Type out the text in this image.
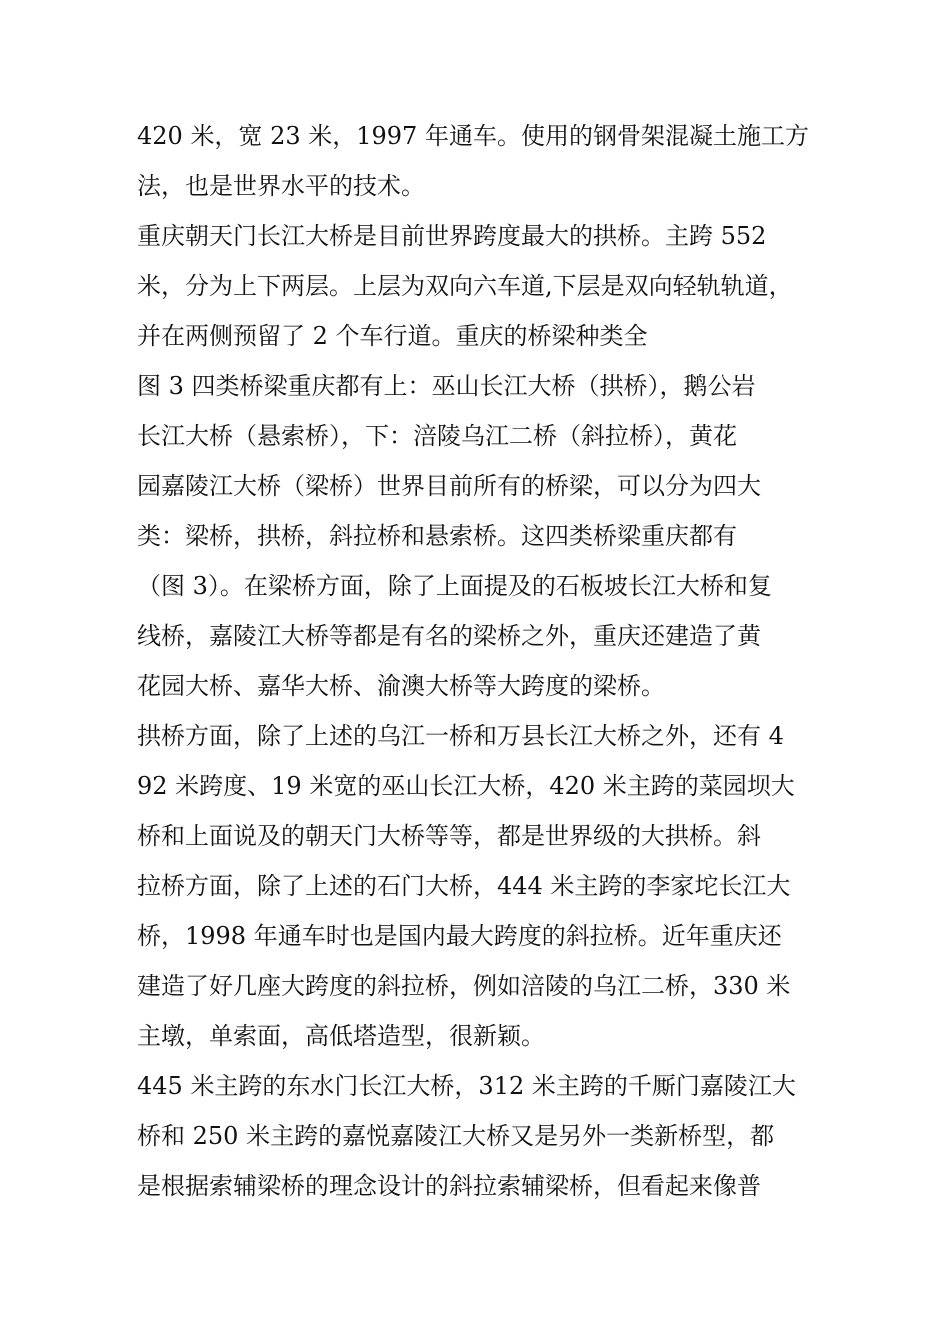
420 米，宽 23 米，1997 年通车。使用的钢骨架混凝土施工方
法，也是世界水平的技术。
重庆朝天门长江大桥是目前世界跨度最大的拱桥。主跨 552
米，分为上下两层。上层为双向六车道,下层是双向轻轨轨道，
并在两侧预留了 2 个车行道。重庆的桥梁种类全
图 3 四类桥梁重庆都有上：巫山长江大桥（拱桥），鹅公岩
长江大桥（悬索桥），下：涪陵乌江二桥（斜拉桥），黄花
园嘉陵江大桥（梁桥）世界目前所有的桥梁，可以分为四大
类：梁桥，拱桥，斜拉桥和悬索桥。这四类桥梁重庆都有
（图 3）。在梁桥方面，除了上面提及的石板坡长江大桥和复
线桥，嘉陵江大桥等都是有名的梁桥之外，重庆还建造了黄
花园大桥、嘉华大桥、渝澳大桥等大跨度的梁桥。
拱桥方面，除了上述的乌江一桥和万县长江大桥之外，还有 4
92 米跨度、19 米宽的巫山长江大桥，420 米主跨的菜园坝大
桥和上面说及的朝天门大桥等等，都是世界级的大拱桥。斜
拉桥方面，除了上述的石门大桥，444 米主跨的李家坨长江大
桥，1998 年通车时也是国内最大跨度的斜拉桥。近年重庆还
建造了好几座大跨度的斜拉桥，例如涪陵的乌江二桥，330 米
主墩，单索面，高低塔造型，很新颖。
445 米主跨的东水门长江大桥，312 米主跨的千厮门嘉陵江大
桥和 250 米主跨的嘉悦嘉陵江大桥又是另外一类新桥型，都
是根据索辅梁桥的理念设计的斜拉索辅梁桥，但看起来像普
